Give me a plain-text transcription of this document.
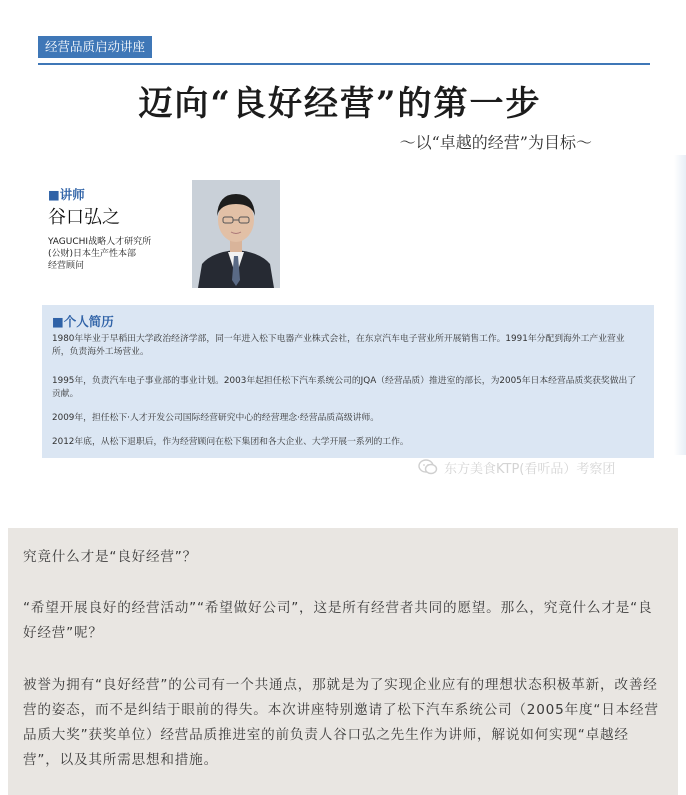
经营品质启动讲座
迈向“良好经营”的第一步
～以“卓越的经营”为目标～
■讲师
谷口弘之
YAGUCHI战略人才研究所
(公财)日本生产性本部
经营顾问
■个人简历
1980年毕业于早稻田大学政治经济学部，同一年进入松下电器产业株式会社，在东京汽车电子营业所开展销售工作。1991年分配到海外工产业营业所，负责海外工场营业。
1995年，负责汽车电子事业部的事业计划。2003年起担任松下汽车系统公司的JQA（经营品质）推进室的部长，为2005年日本经营品质奖获奖做出了贡献。
2009年，担任松下·人才开发公司国际经营研究中心的经营理念·经营品质高级讲师。
2012年底，从松下退职后，作为经营顾问在松下集团和各大企业、大学开展一系列的工作。
东方美食KTP(看听品）考察团
究竟什么才是“良好经营”？
“希望开展良好的经营活动”“希望做好公司”，这是所有经营者共同的愿望。那么，究竟什么才是“良好经营”呢？
被誉为拥有“良好经营”的公司有一个共通点，那就是为了实现企业应有的理想状态积极革新，改善经营的姿态，而不是纠结于眼前的得失。本次讲座特别邀请了松下汽车系统公司（2005年度“日本经营品质大奖”获奖单位）经营品质推进室的前负责人谷口弘之先生作为讲师，解说如何实现“卓越经营”，以及其所需思想和措施。
